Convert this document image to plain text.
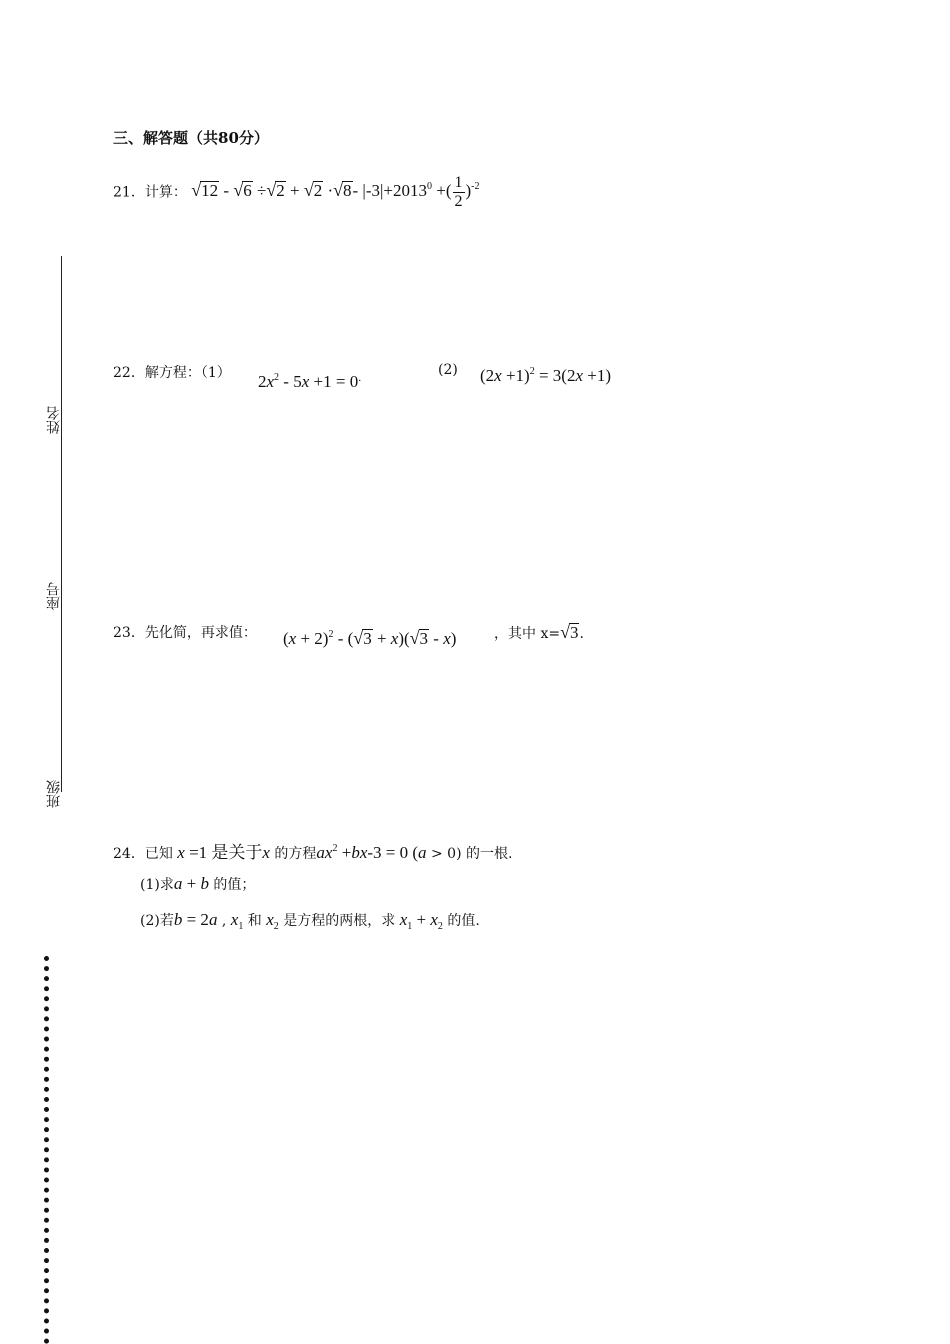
姓名
座号
班级
三、解答题（共80分）
21．计算： √12 - √6 ÷√2 + √2 ·√8- $|-3|+2013^0$ +( $\frac{1}{2} )^{-2}$
22．解方程：（1） $2x^2 - 5x +1 = 0^.$	(2) $(2x +1)^2 = 3(2x +1)$
23．先化简，再求值： $(x + 2)^2 - (√3 + x)(√3 - x)$	，其中 x=√3.
24．已知 x =1 是关于x 的方程$ax^2 +bx-3 = 0$ (a > 0) 的一根.
(1)求a + b 的值；
(2)若b = 2a , $x_1$ 和 $x_2$ 是方程的两根，求 $x_1 + x_2$ 的值.
